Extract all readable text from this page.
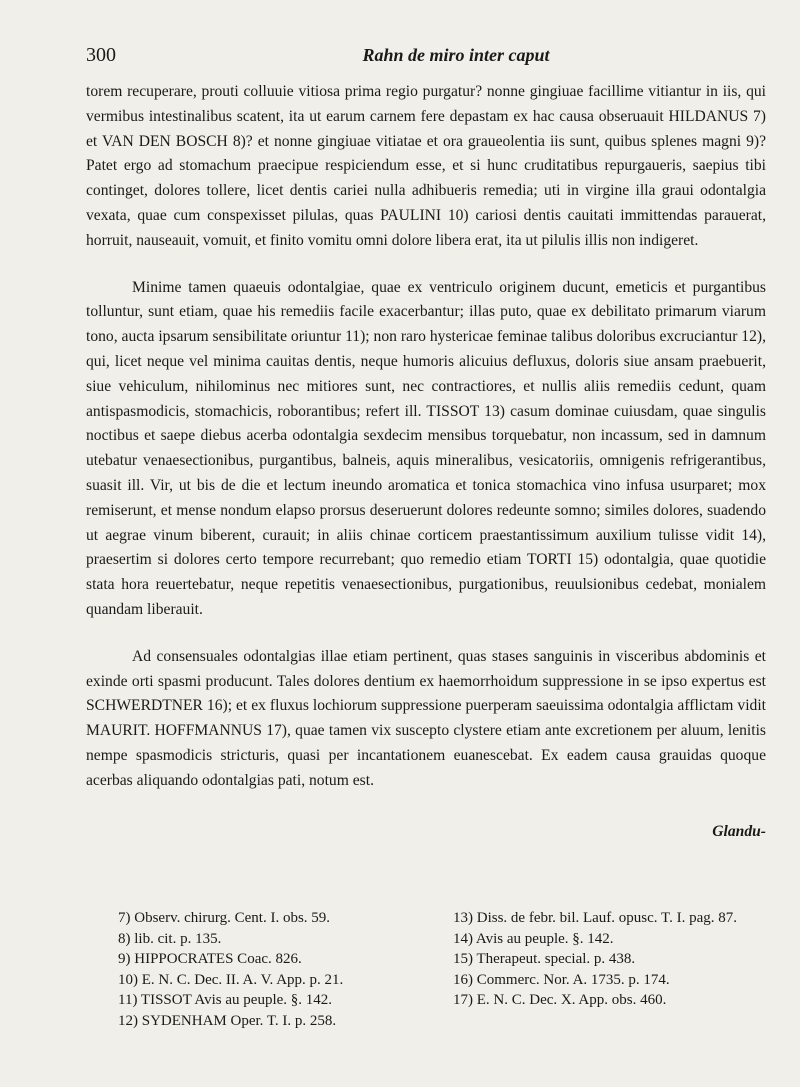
300	Rahn de miro inter caput

torem recuperare, prouti colluuie vitiosa prima regio purgatur? nonne gingiuae facillime vitiantur in iis, qui vermibus intestinalibus scatent, ita ut earum carnem fere depastam ex hac causa obseruauit HILDANUS 7) et VAN DEN BOSCH 8)? et nonne gingiuae vitiatae et ora graueolentia iis sunt, quibus splenes magni 9)? Patet ergo ad stomachum praecipue respiciendum esse, et si hunc cruditatibus repurgaueris, saepius tibi continget, dolores tollere, licet dentis cariei nulla adhibueris remedia; uti in virgine illa graui odontalgia vexata, quae cum conspexisset pilulas, quas PAULINI 10) cariosi dentis cauitati immittendas parauerat, horruit, nauseauit, vomuit, et finito vomitu omni dolore libera erat, ita ut pilulis illis non indigeret.

Minime tamen quaeuis odontalgiae, quae ex ventriculo originem ducunt, emeticis et purgantibus tolluntur, sunt etiam, quae his remediis facile exacerbantur; illas puto, quae ex debilitato primarum viarum tono, aucta ipsarum sensibilitate oriuntur 11); non raro hystericae feminae talibus doloribus excruciantur 12), qui, licet neque vel minima cauitas dentis, neque humoris alicuius defluxus, doloris siue ansam praebuerit, siue vehiculum, nihilominus nec mitiores sunt, nec contractiores, et nullis aliis remediis cedunt, quam antispasmodicis, stomachicis, roborantibus; refert ill. TISSOT 13) casum dominae cuiusdam, quae singulis noctibus et saepe diebus acerba odontalgia sexdecim mensibus torquebatur, non incassum, sed in damnum utebatur venaesectionibus, purgantibus, balneis, aquis mineralibus, vesicatoriis, omnigenis refrigerantibus, suasit ill. Vir, ut bis de die et lectum ineundo aromatica et tonica stomachica vino infusa usurparet; mox remiserunt, et mense nondum elapso prorsus deseruerunt dolores redeunte somno; similes dolores, suadendo ut aegrae vinum biberent, curauit; in aliis chinae corticem praestantissimum auxilium tulisse vidit 14), praesertim si dolores certo tempore recurrebant; quo remedio etiam TORTI 15) odontalgia, quae quotidie stata hora reuertebatur, neque repetitis venaesectionibus, purgationibus, reuulsionibus cedebat, monialem quandam liberauit.

Ad consensuales odontalgias illae etiam pertinent, quas stases sanguinis in visceribus abdominis et exinde orti spasmi producunt. Tales dolores dentium ex haemorrhoidum suppressione in se ipso expertus est SCHWERDTNER 16); et ex fluxus lochiorum suppressione puerperam saeuissima odontalgia afflictam vidit MAURIT. HOFFMANNUS 17), quae tamen vix suscepto clystere etiam ante excretionem per aluum, lenitis nempe spasmodicis stricturis, quasi per incantationem euanescebat. Ex eadem causa grauidas quoque acerbas aliquando odontalgias pati, notum est.

Glandu-

7) Observ. chirurg. Cent. I. obs. 59.
8) lib. cit. p. 135.
9) HIPPOCRATES Coac. 826.
10) E. N. C. Dec. II. A. V. App. p. 21.
11) TISSOT Avis au peuple. §. 142.
12) SYDENHAM Oper. T. I. p. 258.
13) Diss. de febr. bil. Lauf. opusc. T. I. pag. 87.
14) Avis au peuple. §. 142.
15) Therapeut. special. p. 438.
16) Commerc. Nor. A. 1735. p. 174.
17) E. N. C. Dec. X. App. obs. 460.
